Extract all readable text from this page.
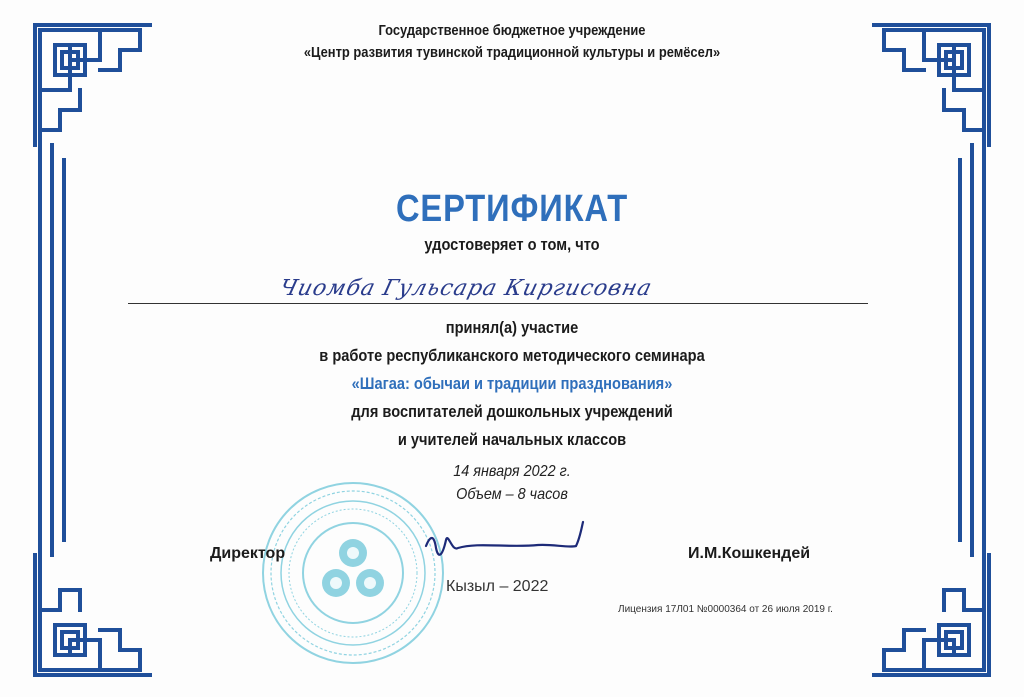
Государственное бюджетное учреждение
«Центр развития тувинской традиционной культуры и ремёсел»
СЕРТИФИКАТ
удостоверяет о том, что
Чиомба Гульсара Киргисовна
принял(а) участие
в работе республиканского методического семинара
«Шагаа: обычаи и традиции празднования»
для воспитателей дошкольных учреждений
и учителей начальных классов
14 января 2022 г.
Объем – 8 часов
Директор	И.М.Кошкендей
Кызыл – 2022
Лицензия 17Л01 №0000364 от 26 июля 2019 г.
